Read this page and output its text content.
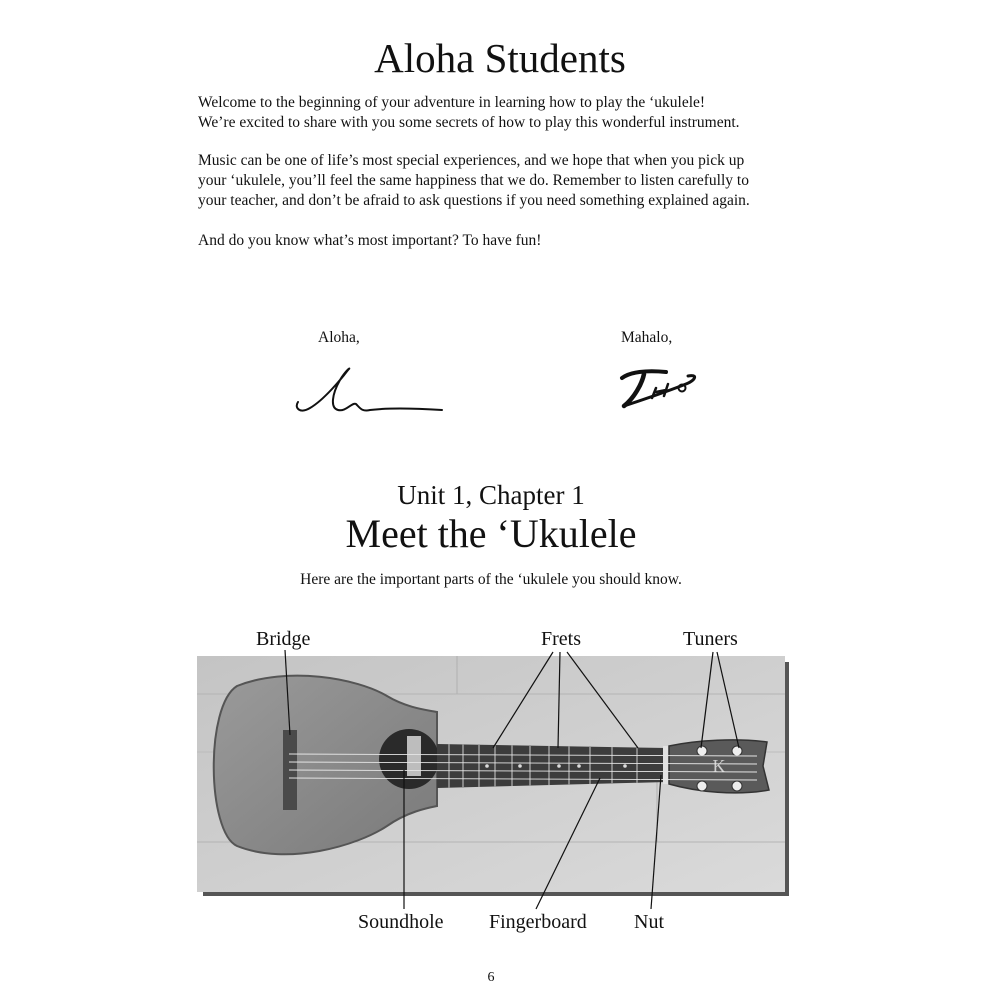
Aloha Students

Welcome to the beginning of your adventure in learning how to play the ‘ukulele!
We’re excited to share with you some secrets of how to play this wonderful instrument.

Music can be one of life’s most special experiences, and we hope that when you pick up
your ‘ukulele, you’ll feel the same happiness that we do. Remember to listen carefully to
your teacher, and don’t be afraid to ask questions if you need something explained again.

And do you know what’s most important? To have fun!

Aloha,	Mahalo,
Unit 1, Chapter 1
Meet the ‘Ukulele
Here are the important parts of the ‘ukulele you should know.
K
Bridge	Frets	Tuners
Soundhole Fingerboard Nut
6
